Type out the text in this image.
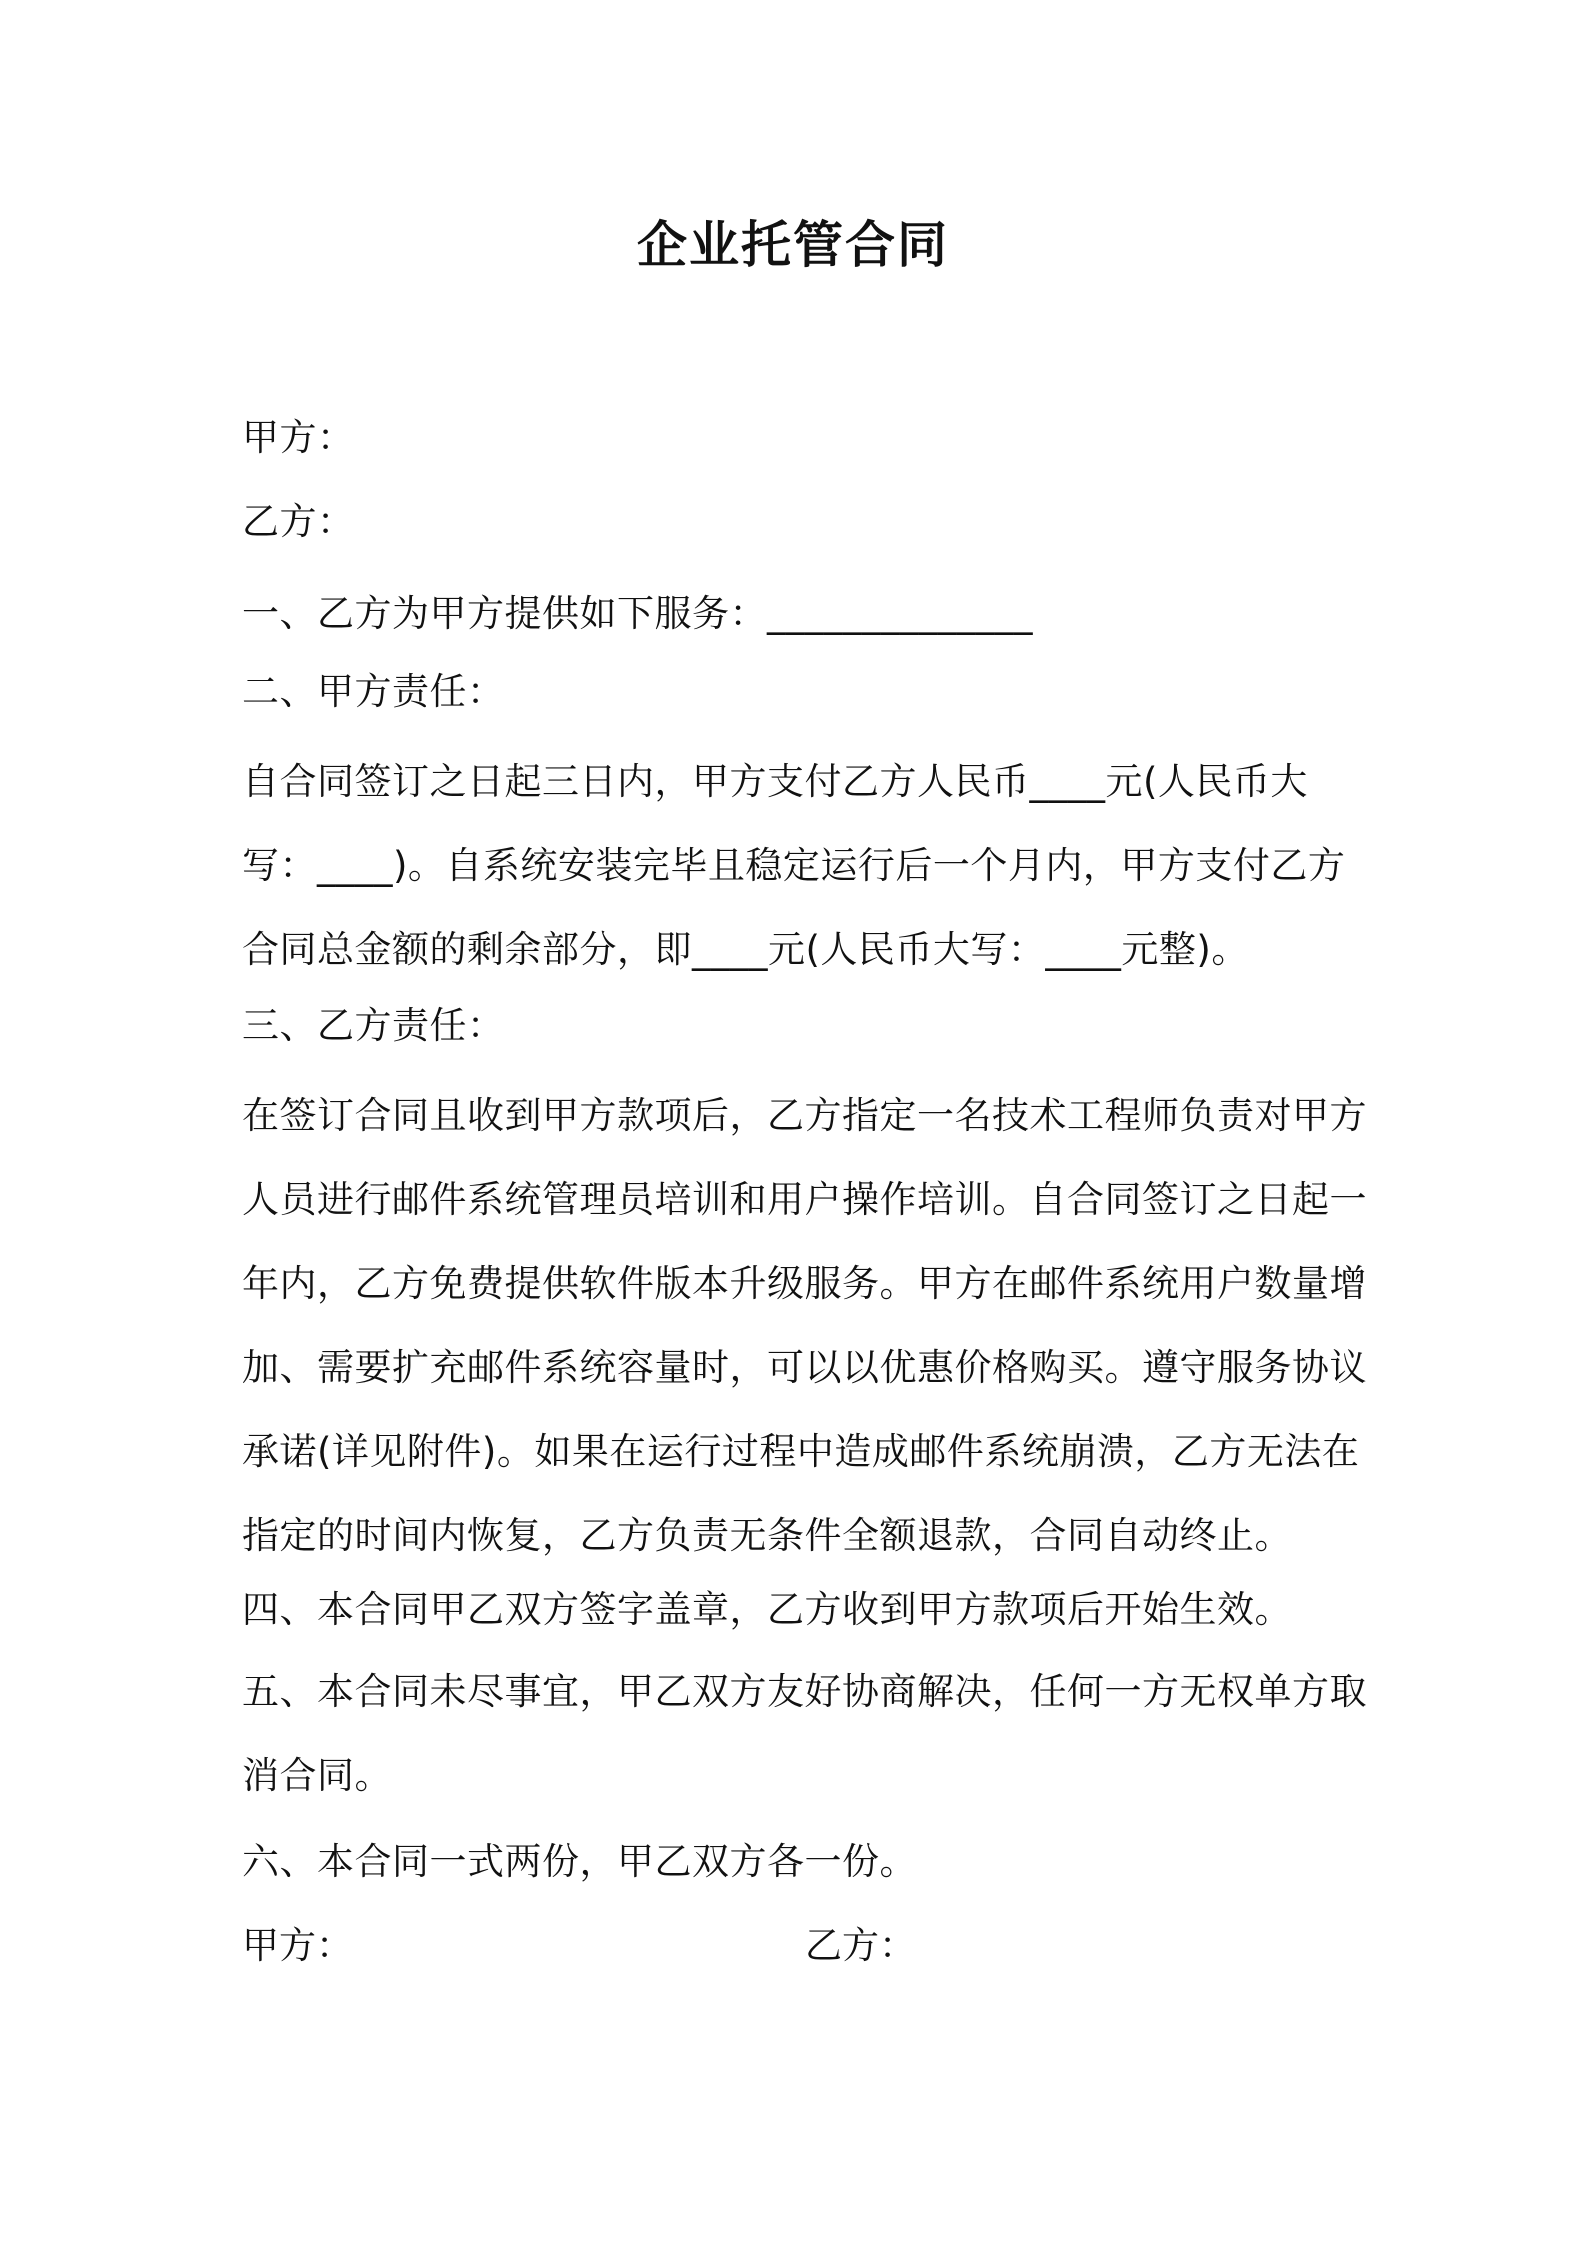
企业托管合同
甲方：
乙方：
一、乙方为甲方提供如下服务：______________
二、甲方责任：
自合同签订之日起三日内，甲方支付乙方人民币____元(人民币大
写：____)。自系统安装完毕且稳定运行后一个月内，甲方支付乙方
合同总金额的剩余部分，即____元(人民币大写：____元整)。
三、乙方责任：
在签订合同且收到甲方款项后，乙方指定一名技术工程师负责对甲方
人员进行邮件系统管理员培训和用户操作培训。自合同签订之日起一
年内，乙方免费提供软件版本升级服务。甲方在邮件系统用户数量增
加、需要扩充邮件系统容量时，可以以优惠价格购买。遵守服务协议
承诺(详见附件)。如果在运行过程中造成邮件系统崩溃，乙方无法在
指定的时间内恢复，乙方负责无条件全额退款，合同自动终止。
四、本合同甲乙双方签字盖章，乙方收到甲方款项后开始生效。
五、本合同未尽事宜，甲乙双方友好协商解决，任何一方无权单方取
消合同。
六、本合同一式两份，甲乙双方各一份。
甲方：	乙方：
